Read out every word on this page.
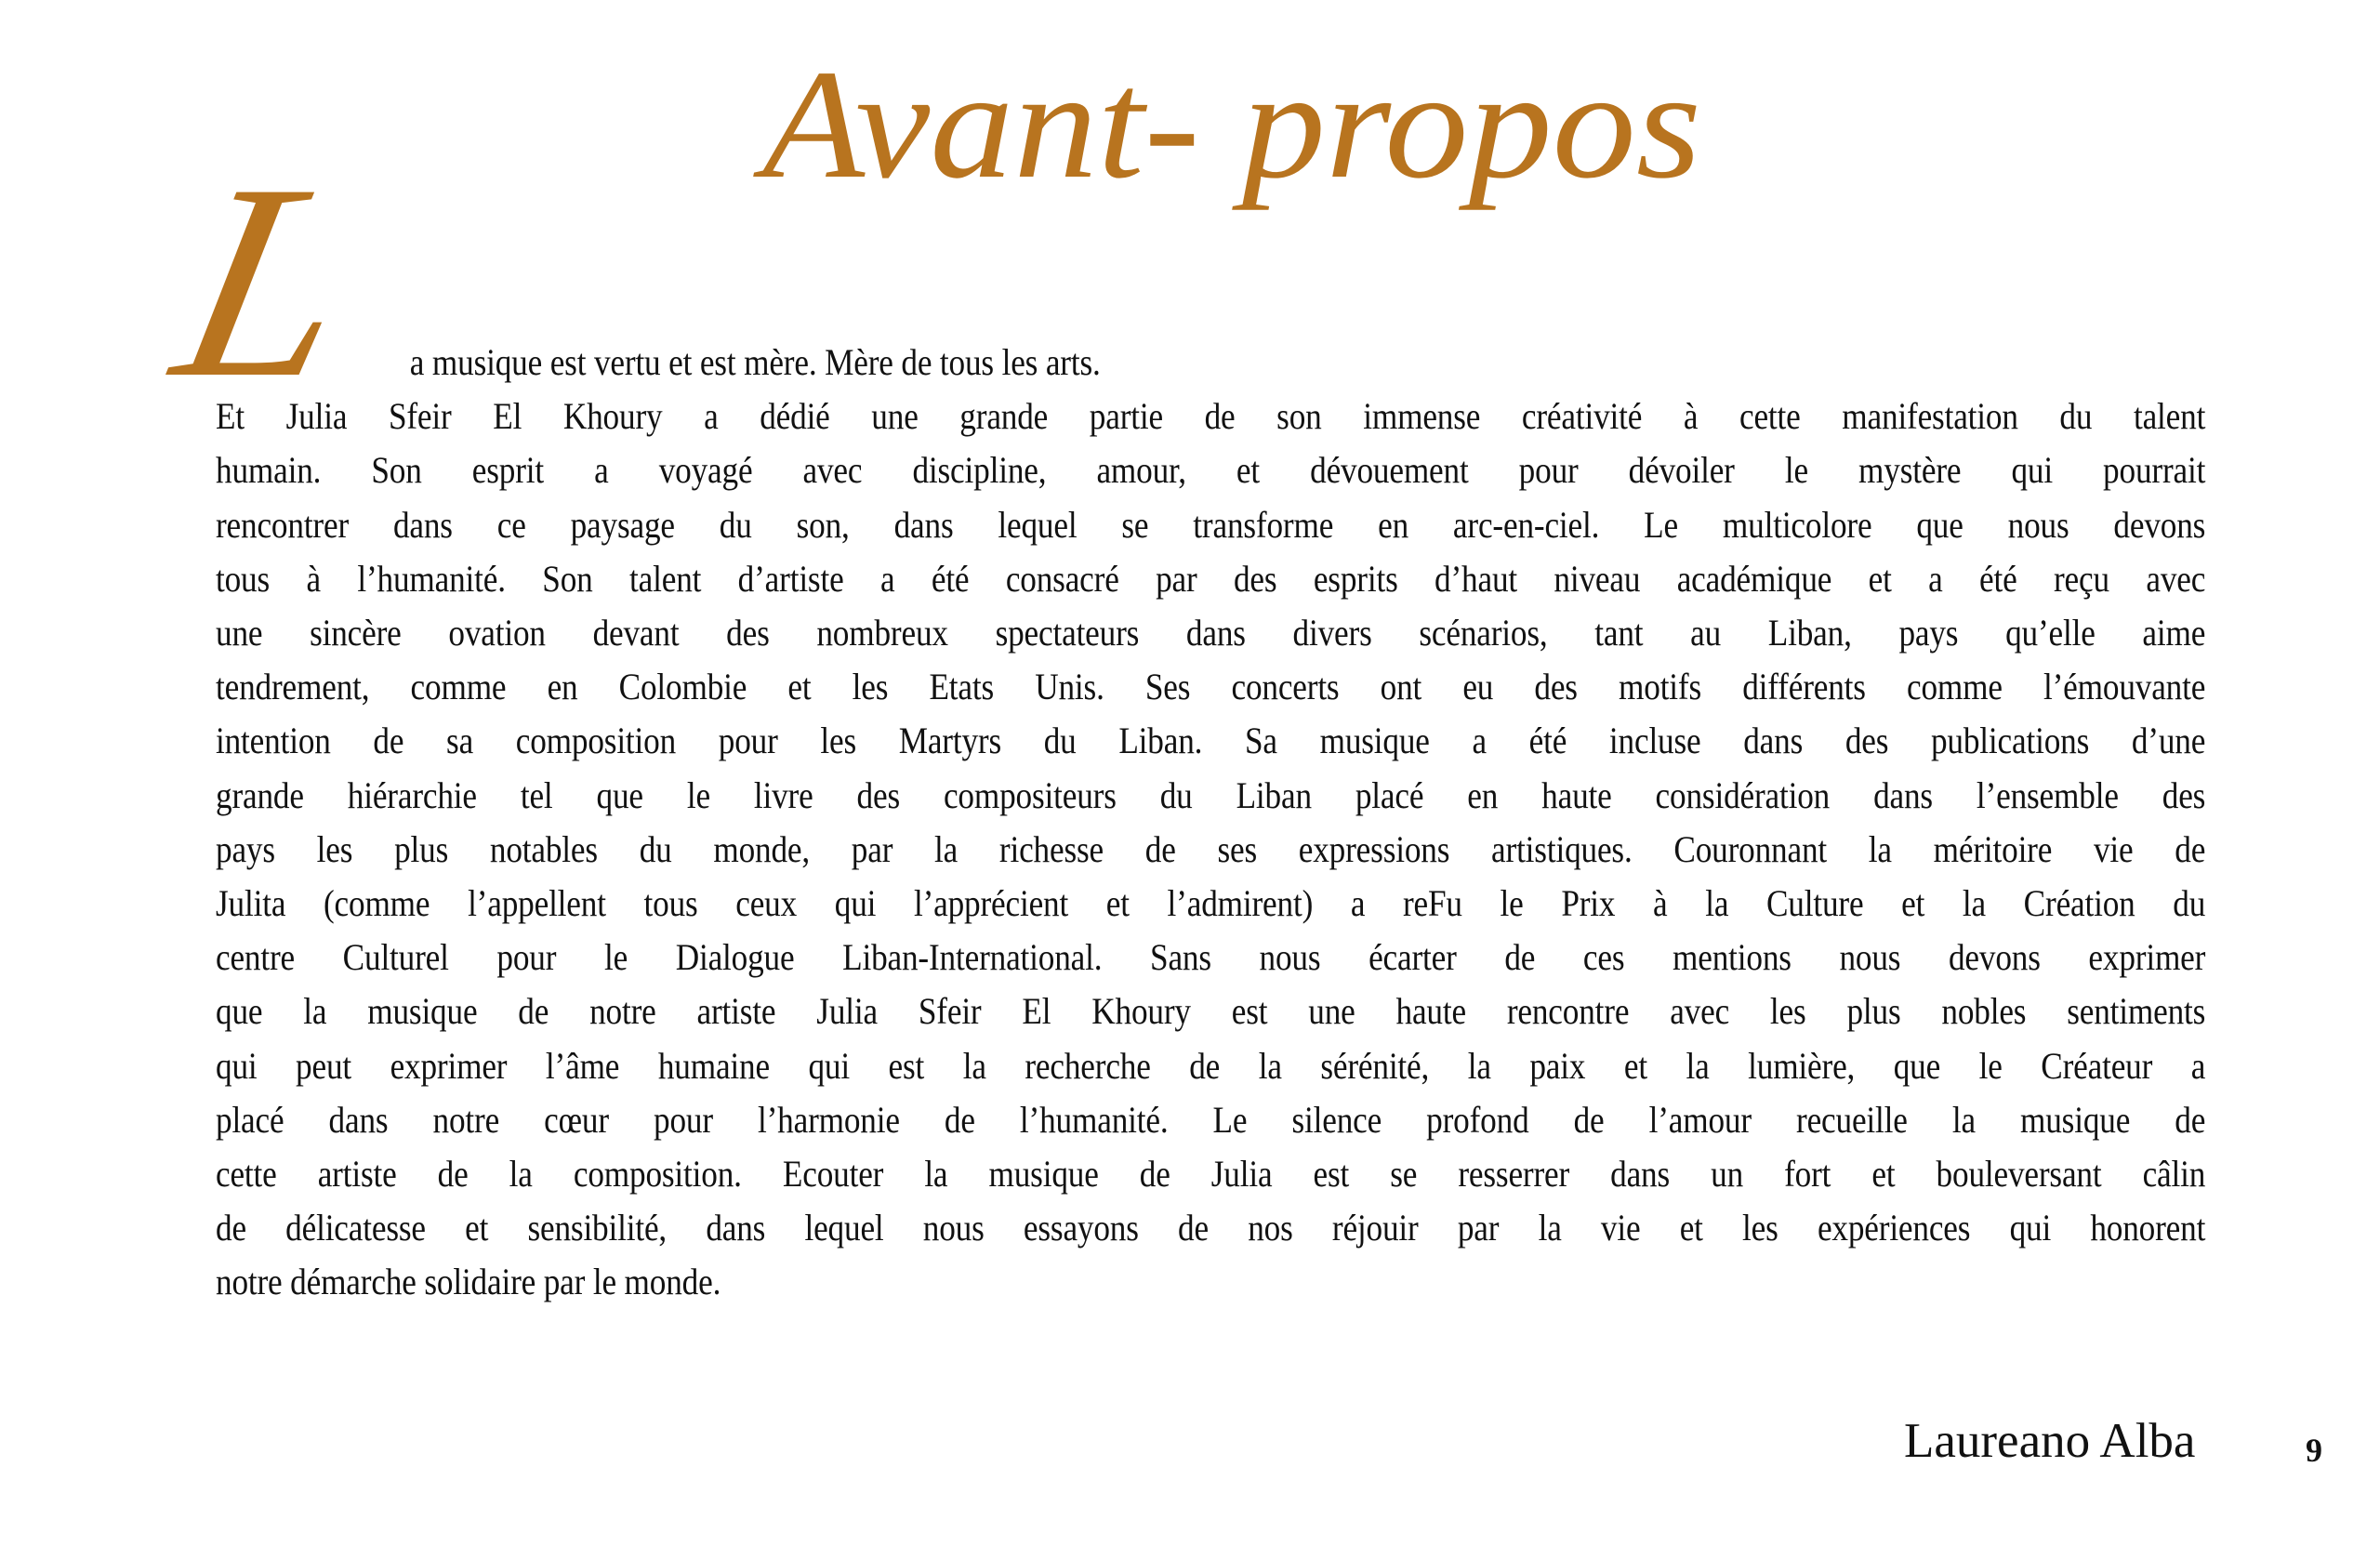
Avant- propos
L a musique est vertu et est mère. Mère de tous les arts.
Et Julia Sfeir El Khoury a dédié une grande partie de son immense créativité à cette manifestation du talent
humain. Son esprit a voyagé avec discipline, amour, et dévouement pour dévoiler le mystère qui pourrait
rencontrer dans ce paysage du son, dans lequel se transforme en arc-en-ciel. Le multicolore que nous devons
tous à l’humanité. Son talent d’artiste a été consacré par des esprits d’haut niveau académique et a été reçu avec
une sincère ovation devant des nombreux spectateurs dans divers scénarios, tant au Liban, pays qu’elle aime
tendrement, comme en Colombie et les Etats Unis. Ses concerts ont eu des motifs différents comme l’émouvante
intention de sa composition pour les Martyrs du Liban. Sa musique a été incluse dans des publications d’une
grande hiérarchie tel que le livre des compositeurs du Liban placé en haute considération dans l’ensemble des
pays les plus notables du monde, par la richesse de ses expressions artistiques. Couronnant la méritoire vie de
Julita (comme l’appellent tous ceux qui l’apprécient et l’admirent) a reFu le Prix à la Culture et la Création du
centre Culturel pour le Dialogue Liban-International. Sans nous écarter de ces mentions nous devons exprimer
que la musique de notre artiste Julia Sfeir El Khoury est une haute rencontre avec les plus nobles sentiments
qui peut exprimer l’âme humaine qui est la recherche de la sérénité, la paix et la lumière, que le Créateur a
placé dans notre cœur pour l’harmonie de l’humanité. Le silence profond de l’amour recueille la musique de
cette artiste de la composition. Ecouter la musique de Julia est se resserrer dans un fort et bouleversant câlin
de délicatesse et sensibilité, dans lequel nous essayons de nos réjouir par la vie et les expériences qui honorent
notre démarche solidaire par le monde.
Laureano Alba	9
